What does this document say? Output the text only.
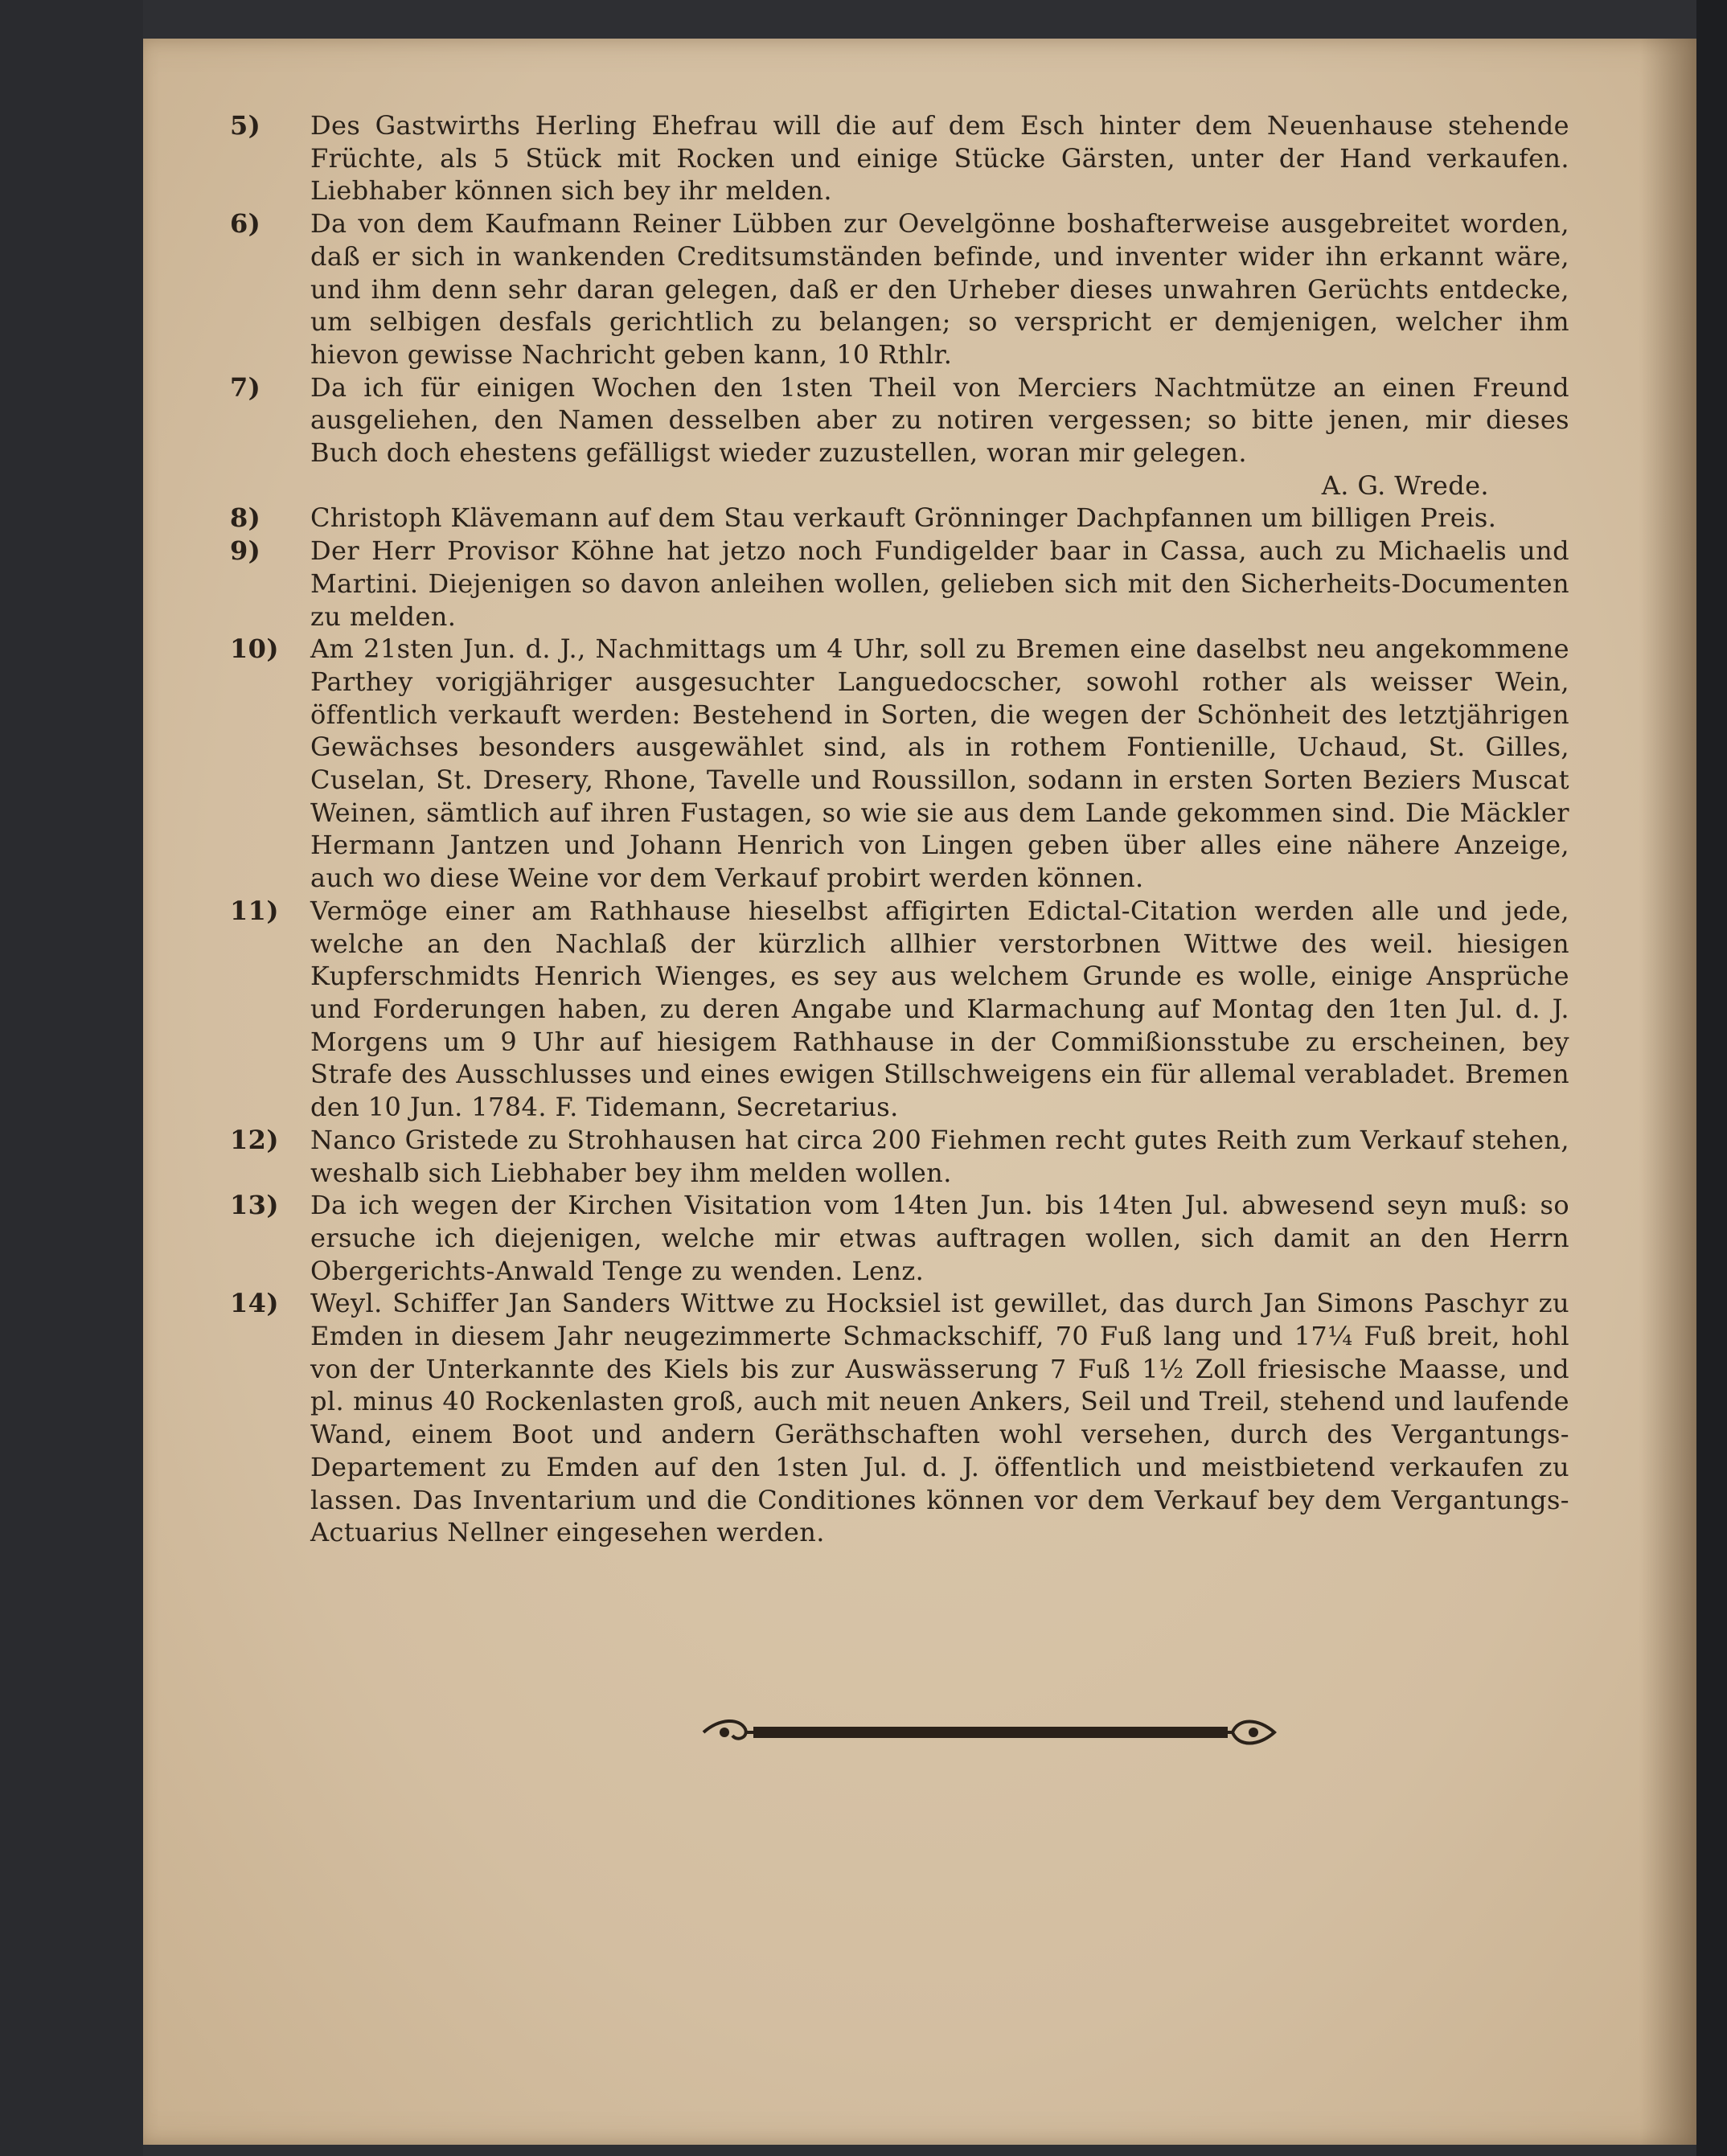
5)	Des Gastwirths Herling Ehefrau will die auf dem Esch hinter dem Neuenhause stehende Früchte, als 5 Stück mit Rocken und einige Stücke Gärsten, unter der Hand verkaufen. Liebhaber können sich bey ihr melden.
6)	Da von dem Kaufmann Reiner Lübben zur Oevelgönne boshafterweise ausgebreitet worden, daß er sich in wankenden Creditsumständen befinde, und inventer wider ihn erkannt wäre, und ihm denn sehr daran gelegen, daß er den Urheber dieses unwahren Gerüchts entdecke, um selbigen desfals gerichtlich zu belangen; so verspricht er demjenigen, welcher ihm hievon gewisse Nachricht geben kann, 10 Rthlr.
7)	Da ich für einigen Wochen den 1sten Theil von Merciers Nachtmütze an einen Freund ausgeliehen, den Namen desselben aber zu notiren vergessen; so bitte jenen, mir dieses Buch doch ehestens gefälligst wieder zuzustellen, woran mir gelegen.
A. G. Wrede.
8)	Christoph Klävemann auf dem Stau verkauft Grönninger Dachpfannen um billigen Preis.
9)	Der Herr Provisor Köhne hat jetzo noch Fundigelder baar in Cassa, auch zu Michaelis und Martini. Diejenigen so davon anleihen wollen, gelieben sich mit den Sicherheits-Documenten zu melden.
10)	Am 21sten Jun. d. J., Nachmittags um 4 Uhr, soll zu Bremen eine daselbst neu angekommene Parthey vorigjähriger ausgesuchter Languedocscher, sowohl rother als weisser Wein, öffentlich verkauft werden: Bestehend in Sorten, die wegen der Schönheit des letztjährigen Gewächses besonders ausgewählet sind, als in rothem Fontienille, Uchaud, St. Gilles, Cuselan, St. Dresery, Rhone, Tavelle und Roussillon, sodann in ersten Sorten Beziers Muscat Weinen, sämtlich auf ihren Fustagen, so wie sie aus dem Lande gekommen sind. Die Mäckler Hermann Jantzen und Johann Henrich von Lingen geben über alles eine nähere Anzeige, auch wo diese Weine vor dem Verkauf probirt werden können.
11)	Vermöge einer am Rathhause hieselbst affigirten Edictal-Citation werden alle und jede, welche an den Nachlaß der kürzlich allhier verstorbnen Wittwe des weil. hiesigen Kupferschmidts Henrich Wienges, es sey aus welchem Grunde es wolle, einige Ansprüche und Forderungen haben, zu deren Angabe und Klarmachung auf Montag den 1ten Jul. d. J. Morgens um 9 Uhr auf hiesigem Rathhause in der Commißionsstube zu erscheinen, bey Strafe des Ausschlusses und eines ewigen Stillschweigens ein für allemal verabladet. Bremen den 10 Jun. 1784. F. Tidemann, Secretarius.
12)	Nanco Gristede zu Strohhausen hat circa 200 Fiehmen recht gutes Reith zum Verkauf stehen, weshalb sich Liebhaber bey ihm melden wollen.
13)	Da ich wegen der Kirchen Visitation vom 14ten Jun. bis 14ten Jul. abwesend seyn muß: so ersuche ich diejenigen, welche mir etwas auftragen wollen, sich damit an den Herrn Obergerichts-Anwald Tenge zu wenden. Lenz.
14)	Weyl. Schiffer Jan Sanders Wittwe zu Hocksiel ist gewillet, das durch Jan Simons Paschyr zu Emden in diesem Jahr neugezimmerte Schmackschiff, 70 Fuß lang und 17¼ Fuß breit, hohl von der Unterkannte des Kiels bis zur Auswässerung 7 Fuß 1½ Zoll friesische Maasse, und pl. minus 40 Rockenlasten groß, auch mit neuen Ankers, Seil und Treil, stehend und laufende Wand, einem Boot und andern Geräthschaften wohl versehen, durch des Vergantungs-Departement zu Emden auf den 1sten Jul. d. J. öffentlich und meistbietend verkaufen zu lassen. Das Inventarium und die Conditiones können vor dem Verkauf bey dem Vergantungs-Actuarius Nellner eingesehen werden.
